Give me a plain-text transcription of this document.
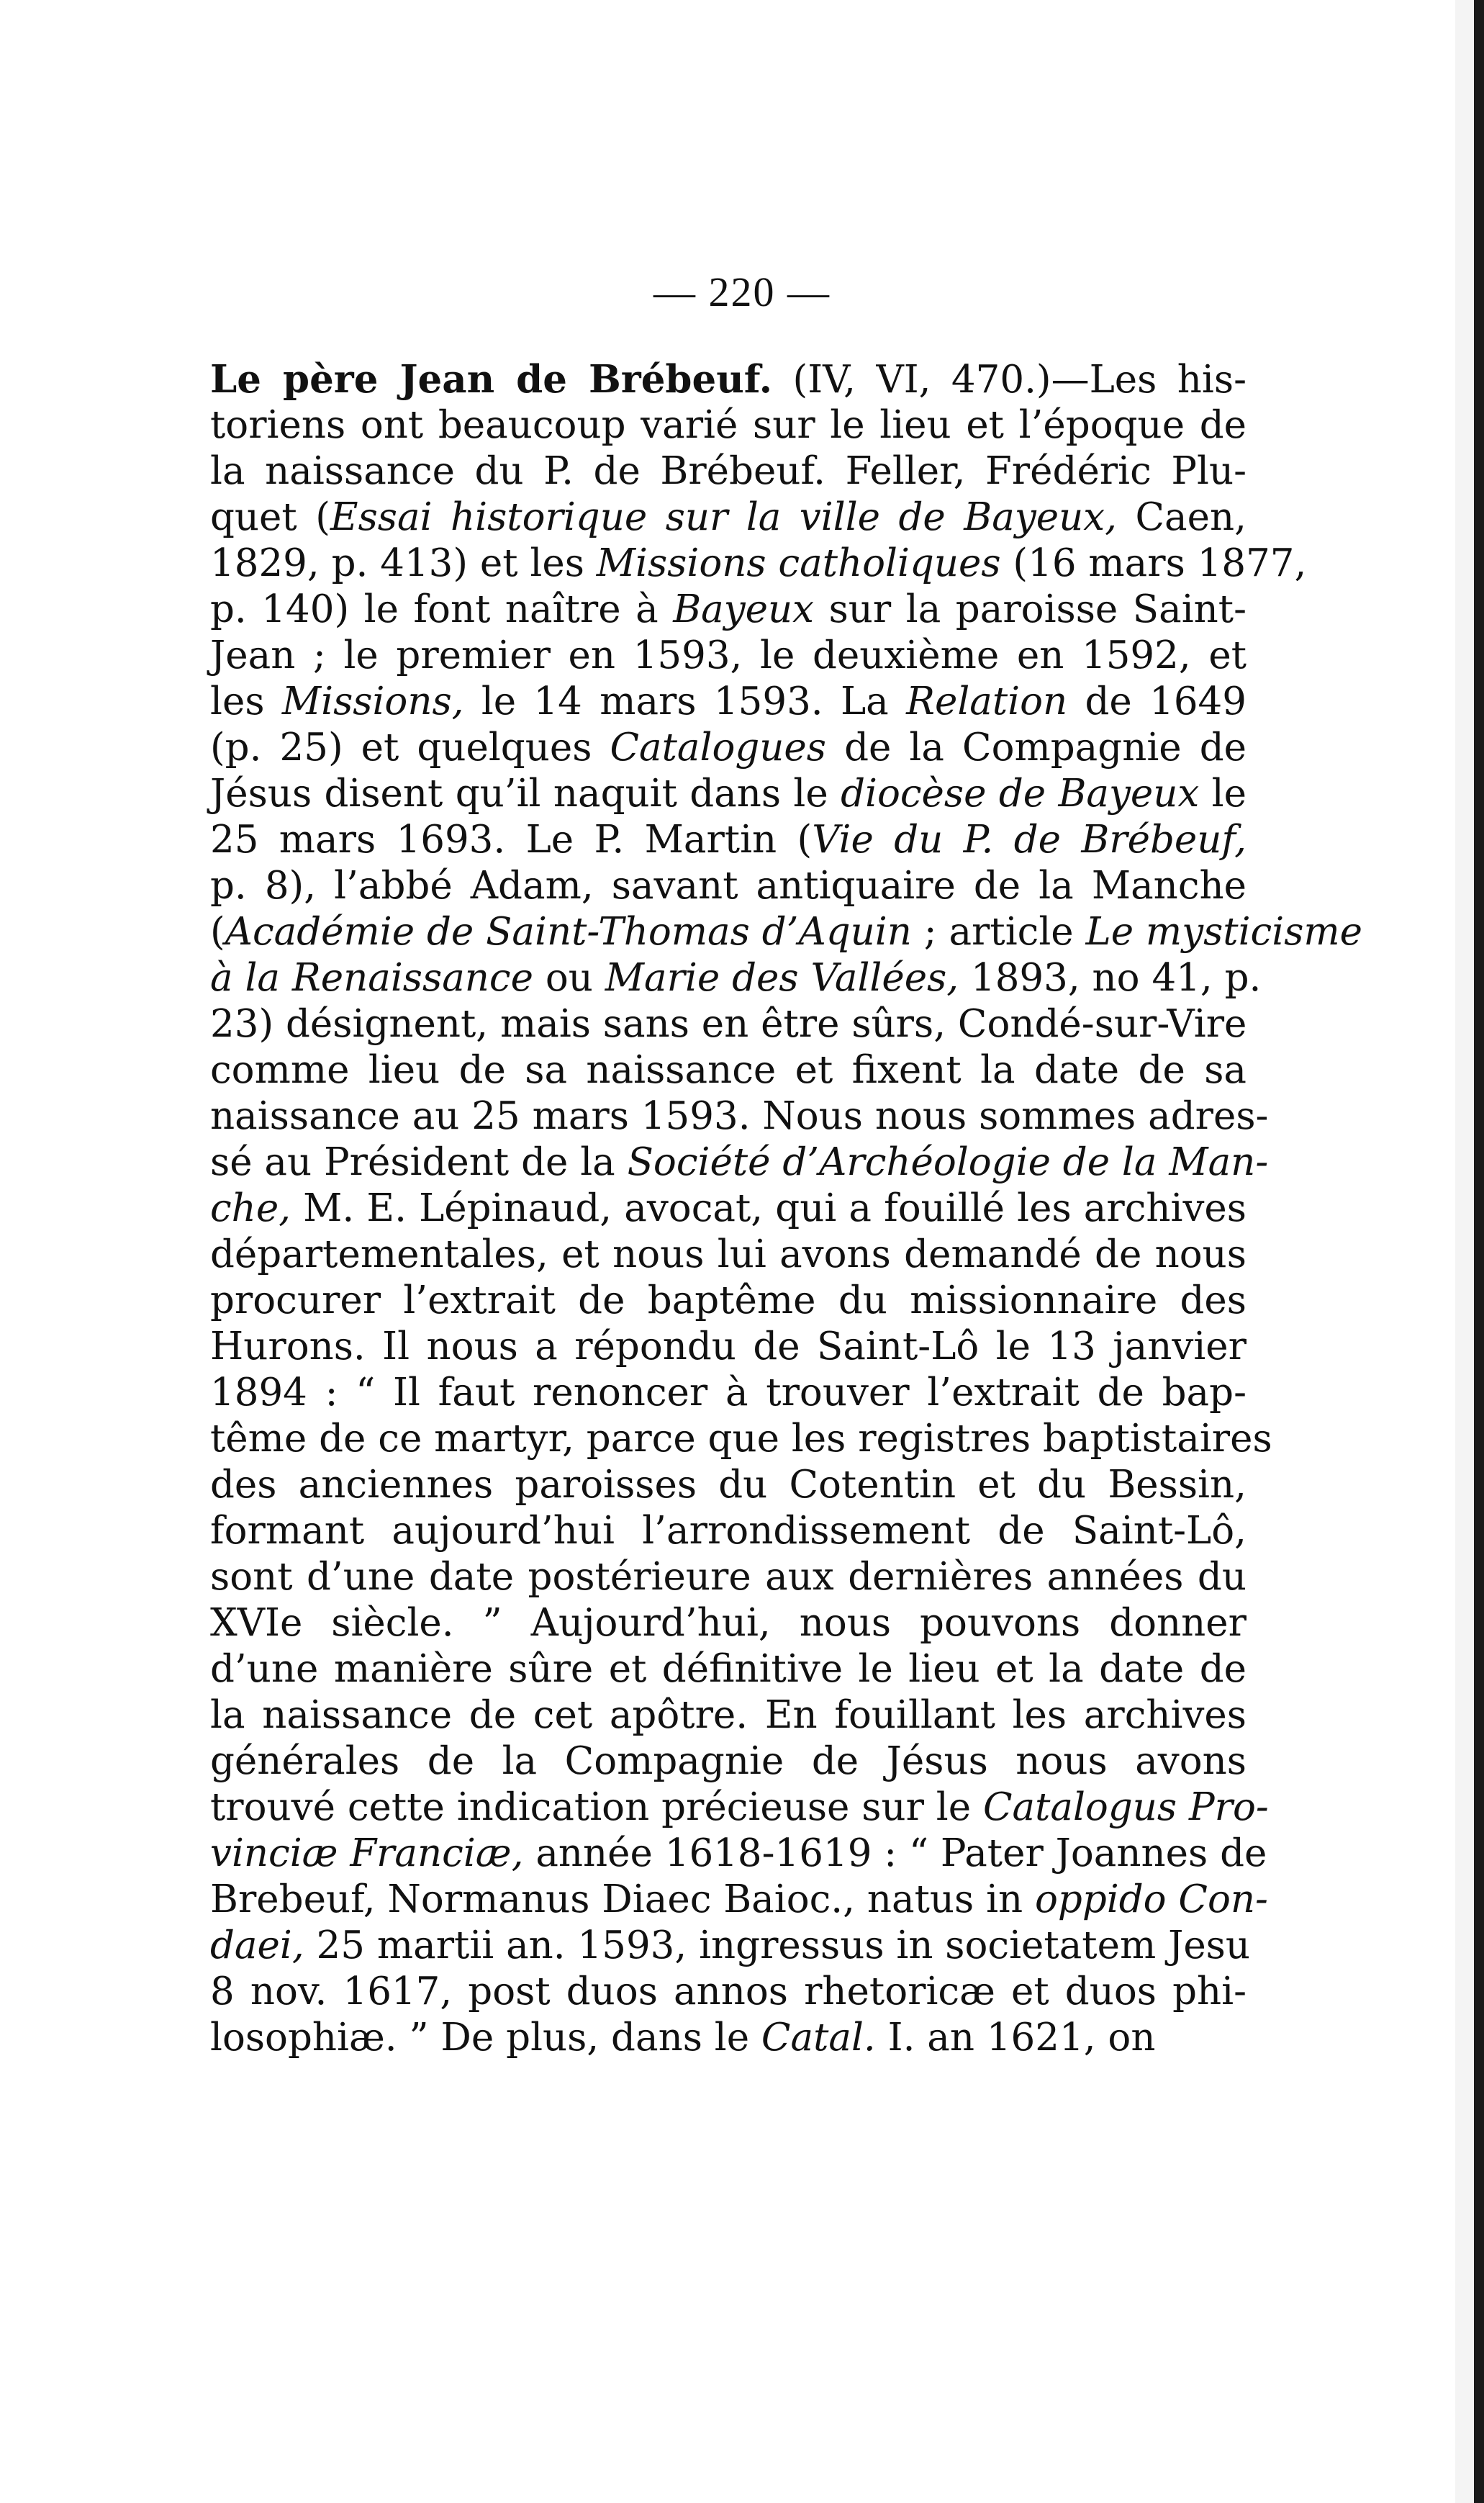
— 220 —
Le père Jean de Brébeuf. (IV, VI, 470.)—Les his-
toriens ont beaucoup varié sur le lieu et l’époque de
la naissance du P. de Brébeuf. Feller, Frédéric Plu-
quet (Essai historique sur la ville de Bayeux, Caen,
1829, p. 413) et les Missions catholiques (16 mars 1877,
p. 140) le font naître à Bayeux sur la paroisse Saint-
Jean ; le premier en 1593, le deuxième en 1592, et
les Missions, le 14 mars 1593. La Relation de 1649
(p. 25) et quelques Catalogues de la Compagnie de
Jésus disent qu’il naquit dans le diocèse de Bayeux le
25 mars 1693. Le P. Martin (Vie du P. de Brébeuf,
p. 8), l’abbé Adam, savant antiquaire de la Manche
(Académie de Saint-Thomas d’Aquin ; article Le mysticisme
à la Renaissance ou Marie des Vallées, 1893, no 41, p.
23) désignent, mais sans en être sûrs, Condé-sur-Vire
comme lieu de sa naissance et fixent la date de sa
naissance au 25 mars 1593. Nous nous sommes adres-
sé au Président de la Société d’Archéologie de la Man-
che, M. E. Lépinaud, avocat, qui a fouillé les archives
départementales, et nous lui avons demandé de nous
procurer l’extrait de baptême du missionnaire des
Hurons. Il nous a répondu de Saint-Lô le 13 janvier
1894 : “ Il faut renoncer à trouver l’extrait de bap-
tême de ce martyr, parce que les registres baptistaires
des anciennes paroisses du Cotentin et du Bessin,
formant aujourd’hui l’arrondissement de Saint-Lô,
sont d’une date postérieure aux dernières années du
XVIe siècle. ” Aujourd’hui, nous pouvons donner
d’une manière sûre et définitive le lieu et la date de
la naissance de cet apôtre. En fouillant les archives
générales de la Compagnie de Jésus nous avons
trouvé cette indication précieuse sur le Catalogus Pro-
vinciæ Franciæ, année 1618-1619 : “ Pater Joannes de
Brebeuf, Normanus Diaec Baioc., natus in oppido Con-
daei, 25 martii an. 1593, ingressus in societatem Jesu
8 nov. 1617, post duos annos rhetoricæ et duos phi-
losophiæ. ” De plus, dans le Catal. I. an 1621, on
